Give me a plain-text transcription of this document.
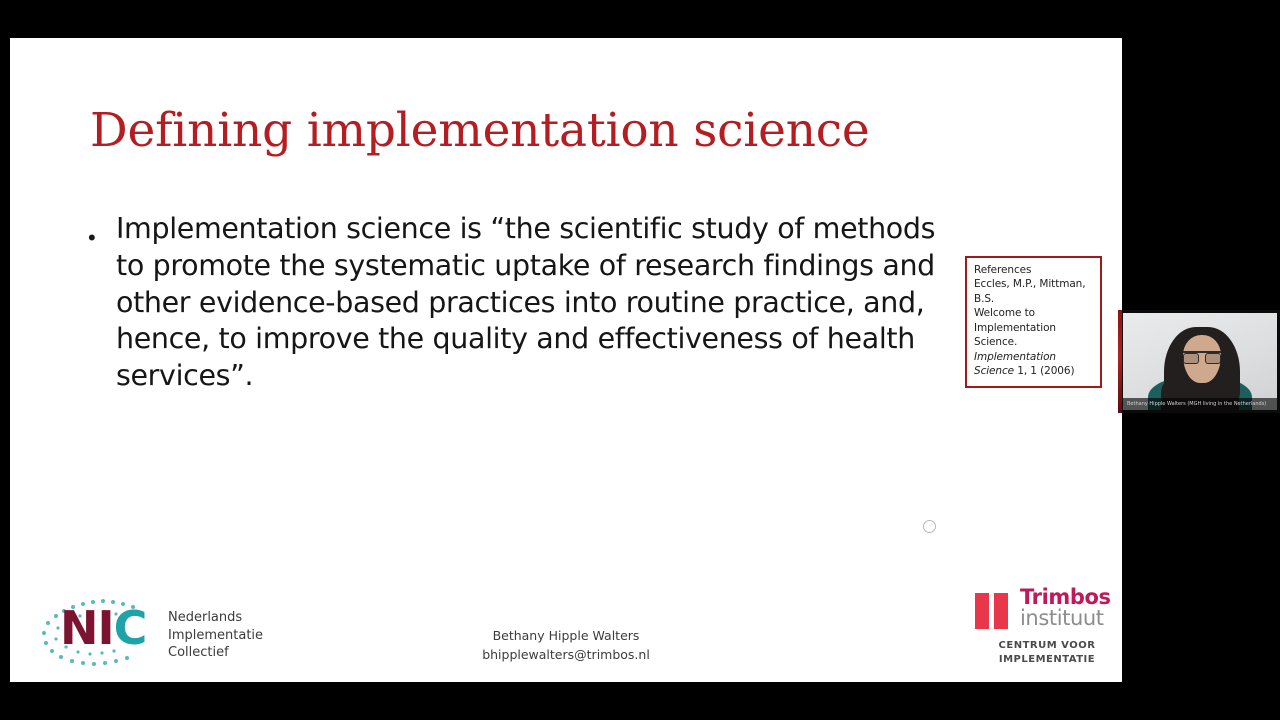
Defining implementation science
• Implementation science is “the scientific study of methods to promote the systematic uptake of research findings and other evidence-based practices into routine practice, and, hence, to improve the quality and effectiveness of health services”.
References
Eccles, M.P., Mittman, B.S.
Welcome to
Implementation Science.
Implementation Science 1, 1 (2006)
Bethany Hipple Walters
bhipplewalters@trimbos.nl
NIC Nederlands
Implementatie
Collectief
Trimbos
instituut
CENTRUM VOOR
IMPLEMENTATIE
Bethany Hipple Walters (MGH living in the Netherlands)
